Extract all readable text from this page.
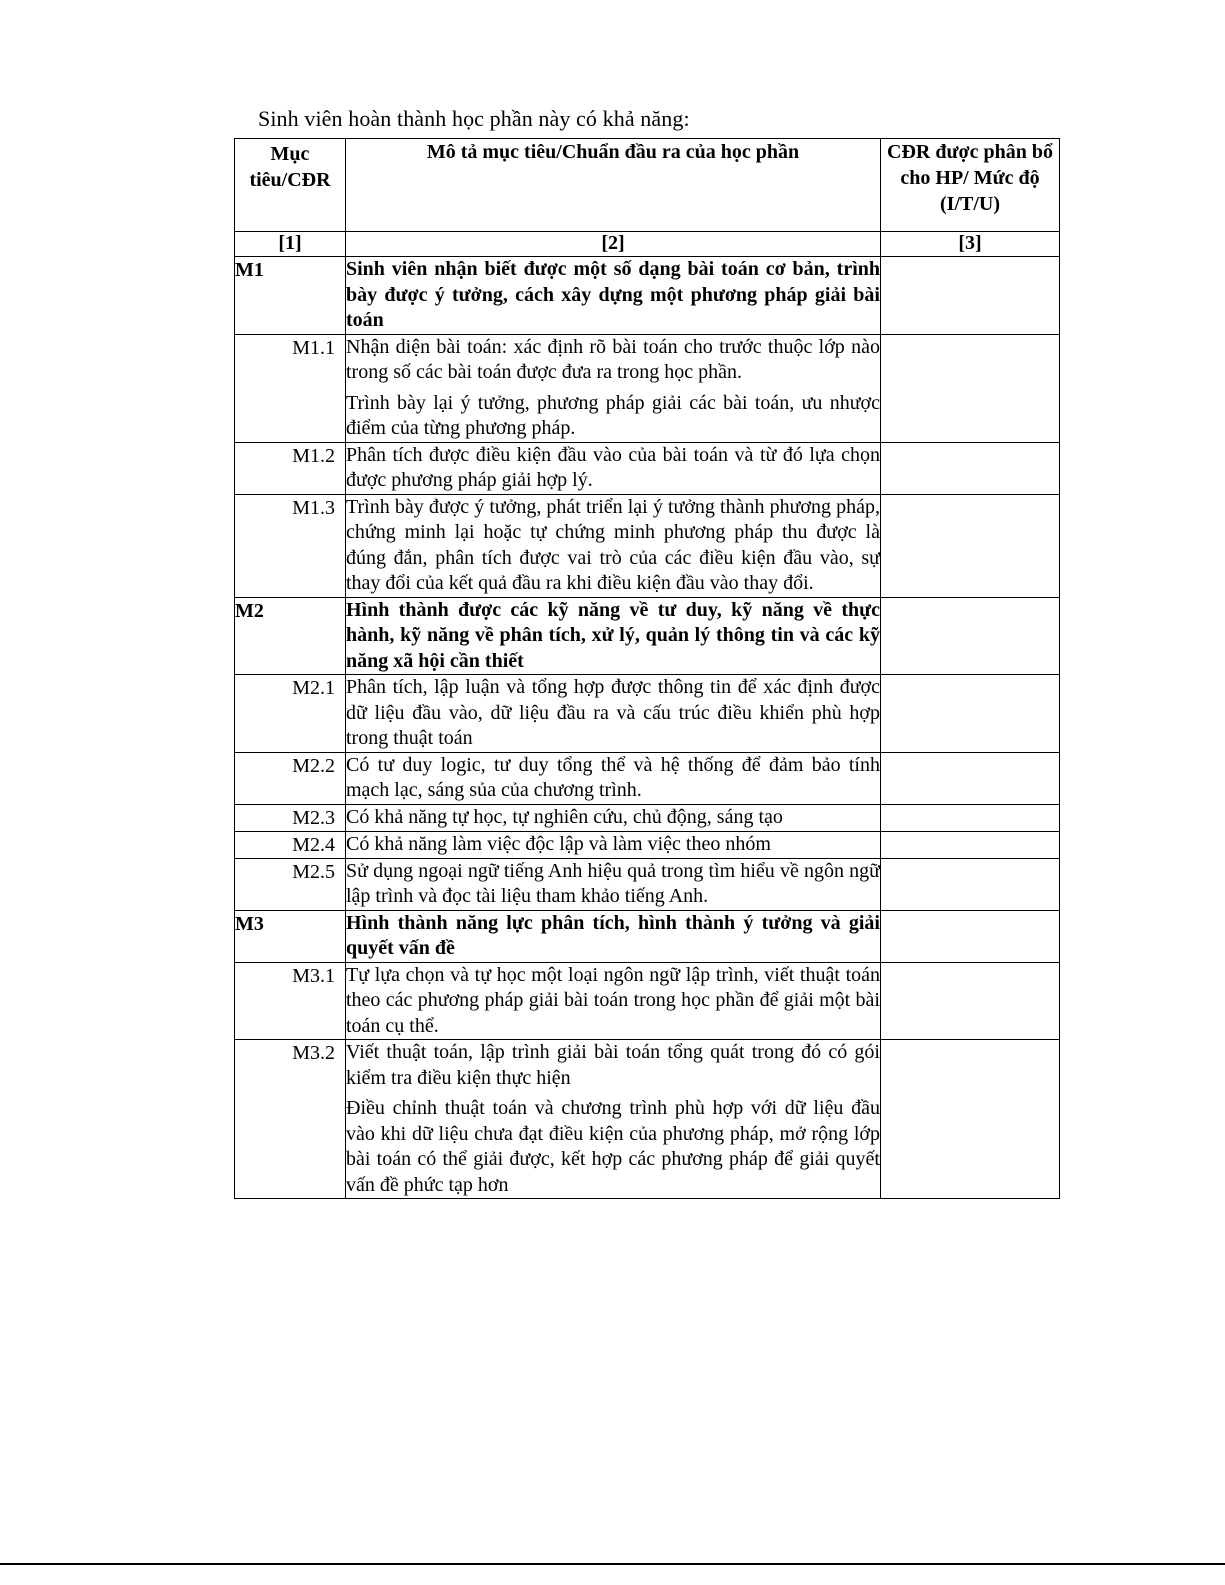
Sinh viên hoàn thành học phần này có khả năng:
Mục tiêu/CĐR	Mô tả mục tiêu/Chuẩn đầu ra của học phần	CĐR được phân bổ cho HP/ Mức độ (I/T/U)
[1]	[2]	[3]
M1	Sinh viên nhận biết được một số dạng bài toán cơ bản, trình bày được ý tưởng, cách xây dựng một phương pháp giải bài toán	

M1.1	Nhận diện bài toán: xác định rõ bài toán cho trước thuộc lớp nào trong số các bài toán được đưa ra trong học phần.

Trình bày lại ý tưởng, phương pháp giải các bài toán, ưu nhược điểm của từng phương pháp.	

M1.2	Phân tích được điều kiện đầu vào của bài toán và từ đó lựa chọn được phương pháp giải hợp lý.	

M1.3	Trình bày được ý tưởng, phát triển lại ý tưởng thành phương pháp, chứng minh lại hoặc tự chứng minh phương pháp thu được là đúng đắn, phân tích được vai trò của các điều kiện đầu vào, sự thay đổi của kết quả đầu ra khi điều kiện đầu vào thay đổi.	

M2	Hình thành được các kỹ năng về tư duy, kỹ năng về thực hành, kỹ năng về phân tích, xử lý, quản lý thông tin và các kỹ năng xã hội cần thiết	

M2.1	Phân tích, lập luận và tổng hợp được thông tin để xác định được dữ liệu đầu vào, dữ liệu đầu ra và cấu trúc điều khiển phù hợp trong thuật toán	

M2.2	Có tư duy logic, tư duy tổng thể và hệ thống để đảm bảo tính mạch lạc, sáng sủa của chương trình.	

M2.3	Có khả năng tự học, tự nghiên cứu, chủ động, sáng tạo	

M2.4	Có khả năng làm việc độc lập và làm việc theo nhóm	

M2.5	Sử dụng ngoại ngữ tiếng Anh hiệu quả trong tìm hiểu về ngôn ngữ lập trình và đọc tài liệu tham khảo tiếng Anh.	

M3	Hình thành năng lực phân tích, hình thành ý tưởng và giải quyết vấn đề	

M3.1	Tự lựa chọn và tự học một loại ngôn ngữ lập trình, viết thuật toán theo các phương pháp giải bài toán trong học phần để giải một bài toán cụ thể.	

M3.2	Viết thuật toán, lập trình giải bài toán tổng quát trong đó có gói kiểm tra điều kiện thực hiện

Điều chỉnh thuật toán và chương trình phù hợp với dữ liệu đầu vào khi dữ liệu chưa đạt điều kiện của phương pháp, mở rộng lớp bài toán có thể giải được, kết hợp các phương pháp để giải quyết vấn đề phức tạp hơn	
